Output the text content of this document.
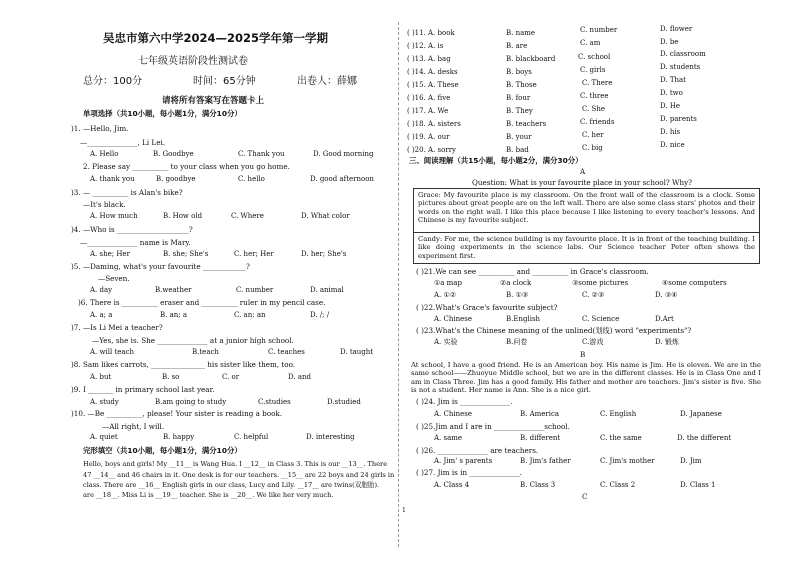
吴忠市第六中学2024—2025学年第一学期
七年级英语阶段性测试卷
总分：100分	时间：65分钟	出卷人：薛娜
请将所有答案写在答题卡上
单项选择（共10小题，每小题1分，满分10分）
)1. —Hello, Jim.
—______________, Li Lei.
A. Hello	B. Goodbye	C. Thank you	D. Good morning
2. Please say __________ to your class when you go home.
A. thank you	B. goodbye	C. hello	D. good afternoon
)3. — __________ is Alan's bike?
—It's black.
A. How much	B. How old	C. Where	D. What color
)4. —Who is ____________________?
—______________ name is Mary.
A. she; Her	B. she; She's	C. her; Her	D. her; She's
)5. —Daming, what's your favourite ____________?
—Seven.
A. day	B.weather	C. number	D. animal
)6. There is __________ eraser and __________ ruler in my pencil case.
A. a; a	B. an; a	C. an; an	D. /; /
)7. —Is Li Mei a teacher?
—Yes, she is. She ______________ at a junior high school.
A. will teach	B.teach	C. teaches	D. taught
)8. Sam likes carrots, _______________ his sister like them, too.
A. but	B. so	C. or	D. and
)9. I _______ in primary school last year.
A. study	B.am going to study	C.studies	D.studied
)10. —Be __________, please! Your sister is reading a book.
—All right, I will.
A. quiet	B. happy	C. helpful	D. interesting
完形填空（共10小题，每小题1分，满分10分）
Hello, boys and girls! My __11__ is Wang Hua. I __12__ in Class 3. This is our __13__. There
47 __14__ and 46 chairs in it. One desk is for our teachers. __15__ are 22 boys and 24 girls in
class. There are __16__ English girls in our class, Lucy and Lily. __17__ are twins(双胞胎).
are __18__. Miss Li is __19__ teacher. She is __20__. We like her very much.
( )11. A. book	B. name	C. number	D. flower
( )12. A. is	B. are	C. am	D. be
( )13. A. bag	B. blackboard	C. school	D. classroom
( )14. A. desks	B. boys	C. girls	D. students
( )15. A. These	B. Those	C. There	D. That
( )16. A. five	B. four	C. three	D. two
( )17. A. We	B. They	C. She	D. He
( )18. A. sisters	B. teachers	C. friends	D. parents
( )19. A. our	B. your	C. her	D. his
( )20. A. sorry	B. bad	C. big	D. nice
三、阅读理解（共15小题，每小题2分，满分30分）
A
Question: What is your favourite place in your school? Why?
Grace: My favourite place is my classroom. On the front wall of the classroom is a clock. Some pictures about great people are on the left wall. There are also some class stars' photos and their words on the right wall. I like this place because I like listening to every teacher's lessons. And Chinese is my favourite subject.
Candy: For me, the science building is my favourite place. It is in front of the teaching building. I like doing experiments in the science labs. Our Science teacher Peter often shows the experiment first.
( )21.We can see __________ and __________ in Grace's classroom.
①a map	②a clock	③some pictures	④some computers
A. ①②	B. ①③	C. ②③	D. ③④
( )22.What's Grace's favourite subject?
A. Chinese	B.English	C. Science	D.Art
( )23.What's the Chinese meaning of the unlined(划线) word "experiments"?
A. 实验	B.问卷	C.游戏	D. 锻炼
B
At school, I have a good friend. He is an American boy. His name is Jim. He is eleven. We are in the same school——Zhuoyue Middle school, but we are in the different classes. He is in Class One and I am in Class Three. Jim has a good family. His father and mother are teachers. Jim's sister is five. She is not a student. Her name is Ann. She is a nice girl.
( )24. Jim is ______________.
A. Chinese	B. America	C. English	D. Japanese
( )25.Jim and I are in ______________school.
A. same	B. different	C. the same	D. the different
( )26. ______________ are teachers.
A. Jim' s parents	B. Jim's father	C. Jim's mother	D. Jim
( )27. Jim is in ______________.
A. Class 4	B. Class 3	C. Class 2	D. Class 1
C
1
